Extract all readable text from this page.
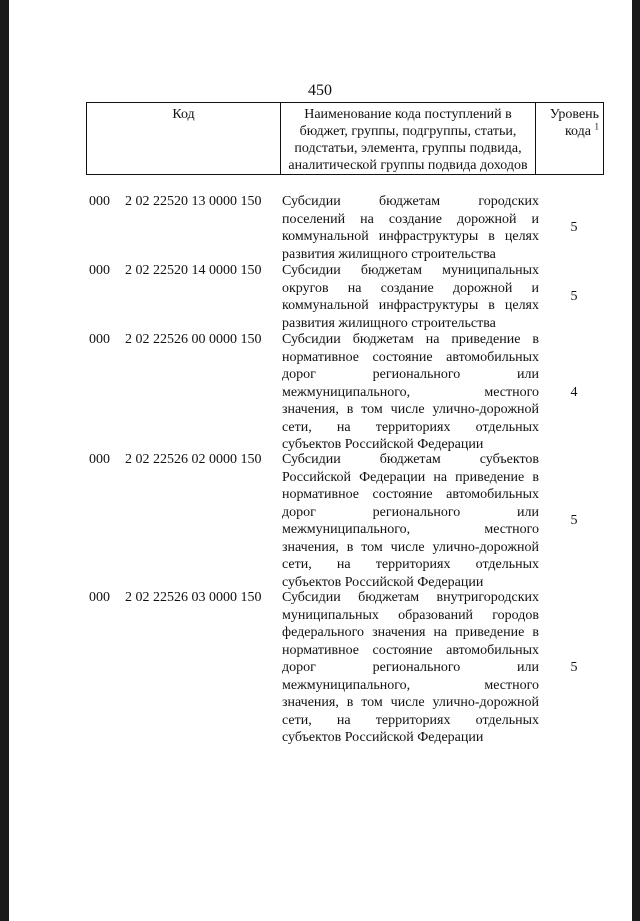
450
Код	Наименование кода поступлений в
бюджет, группы, подгруппы, статьи,
подстатьи, элемента, группы подвида,
аналитической группы подвида доходов
Уровень
кода $^1$
000 2 02 22520 13 0000 150 Субсидии бюджетам городских
поселений на создание дорожной и
коммунальной инфраструктуры в целях
развития жилищного строительства
5
000 2 02 22520 14 0000 150 Субсидии бюджетам муниципальных
округов на создание дорожной и
коммунальной инфраструктуры в целях
развития жилищного строительства
5
000 2 02 22526 00 0000 150 Субсидии бюджетам на приведение в
нормативное состояние автомобильных
дорог регионального или
межмуниципального, местного
значения, в том числе улично-дорожной
сети, на территориях отдельных
субъектов Российской Федерации
4
000 2 02 22526 02 0000 150 Субсидии бюджетам субъектов
Российской Федерации на приведение в
нормативное состояние автомобильных
дорог регионального или
межмуниципального, местного
значения, в том числе улично-дорожной
сети, на территориях отдельных
субъектов Российской Федерации
5
000 2 02 22526 03 0000 150 Субсидии бюджетам внутригородских
муниципальных образований городов
федерального значения на приведение в
нормативное состояние автомобильных
дорог регионального или
межмуниципального, местного
значения, в том числе улично-дорожной
сети, на территориях отдельных
субъектов Российской Федерации
5
